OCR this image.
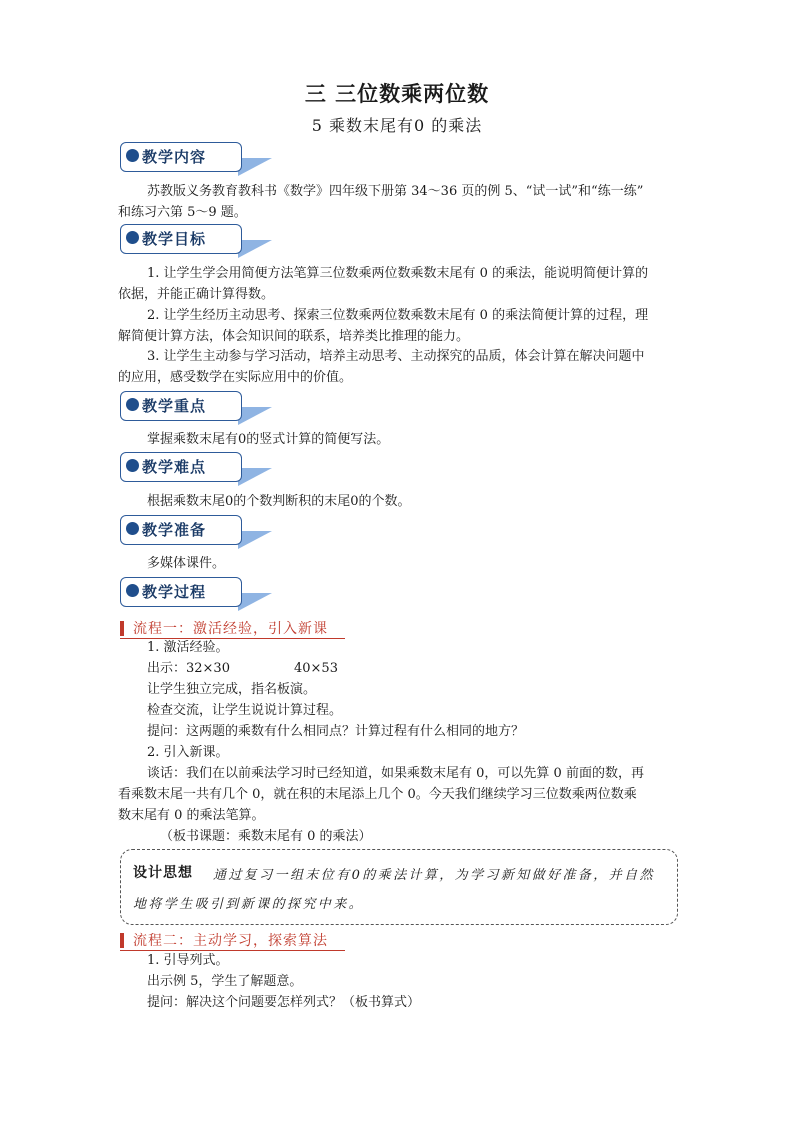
三 三位数乘两位数
5 乘数末尾有0 的乘法
教学内容
苏教版义务教育教科书《数学》四年级下册第 34～36 页的例 5、“试一试”和“练一练”
和练习六第 5～9 题。
教学目标
1. 让学生学会用简便方法笔算三位数乘两位数乘数末尾有 0 的乘法，能说明简便计算的
依据，并能正确计算得数。
2. 让学生经历主动思考、探索三位数乘两位数乘数末尾有 0 的乘法简便计算的过程，理
解简便计算方法，体会知识间的联系，培养类比推理的能力。
3. 让学生主动参与学习活动，培养主动思考、主动探究的品质，体会计算在解决问题中
的应用，感受数学在实际应用中的价值。
教学重点
掌握乘数末尾有0的竖式计算的简便写法。
教学难点
根据乘数末尾0的个数判断积的末尾0的个数。
教学准备
多媒体课件。
教学过程
流程一：激活经验，引入新课
1. 激活经验。
出示：32×30	40×53
让学生独立完成，指名板演。
检查交流，让学生说说计算过程。
提问：这两题的乘数有什么相同点？计算过程有什么相同的地方？
2. 引入新课。
谈话：我们在以前乘法学习时已经知道，如果乘数末尾有 0，可以先算 0 前面的数，再
看乘数末尾一共有几个 0，就在积的末尾添上几个 0。今天我们继续学习三位数乘两位数乘
数末尾有 0 的乘法笔算。
（板书课题：乘数末尾有 0 的乘法）
设计思想	通过复习一组末位有0的乘法计算，为学习新知做好准备，并自然地将学生吸引到新课的探究中来。
流程二：主动学习，探索算法
1. 引导列式。
出示例 5，学生了解题意。
提问：解决这个问题要怎样列式？（板书算式）
